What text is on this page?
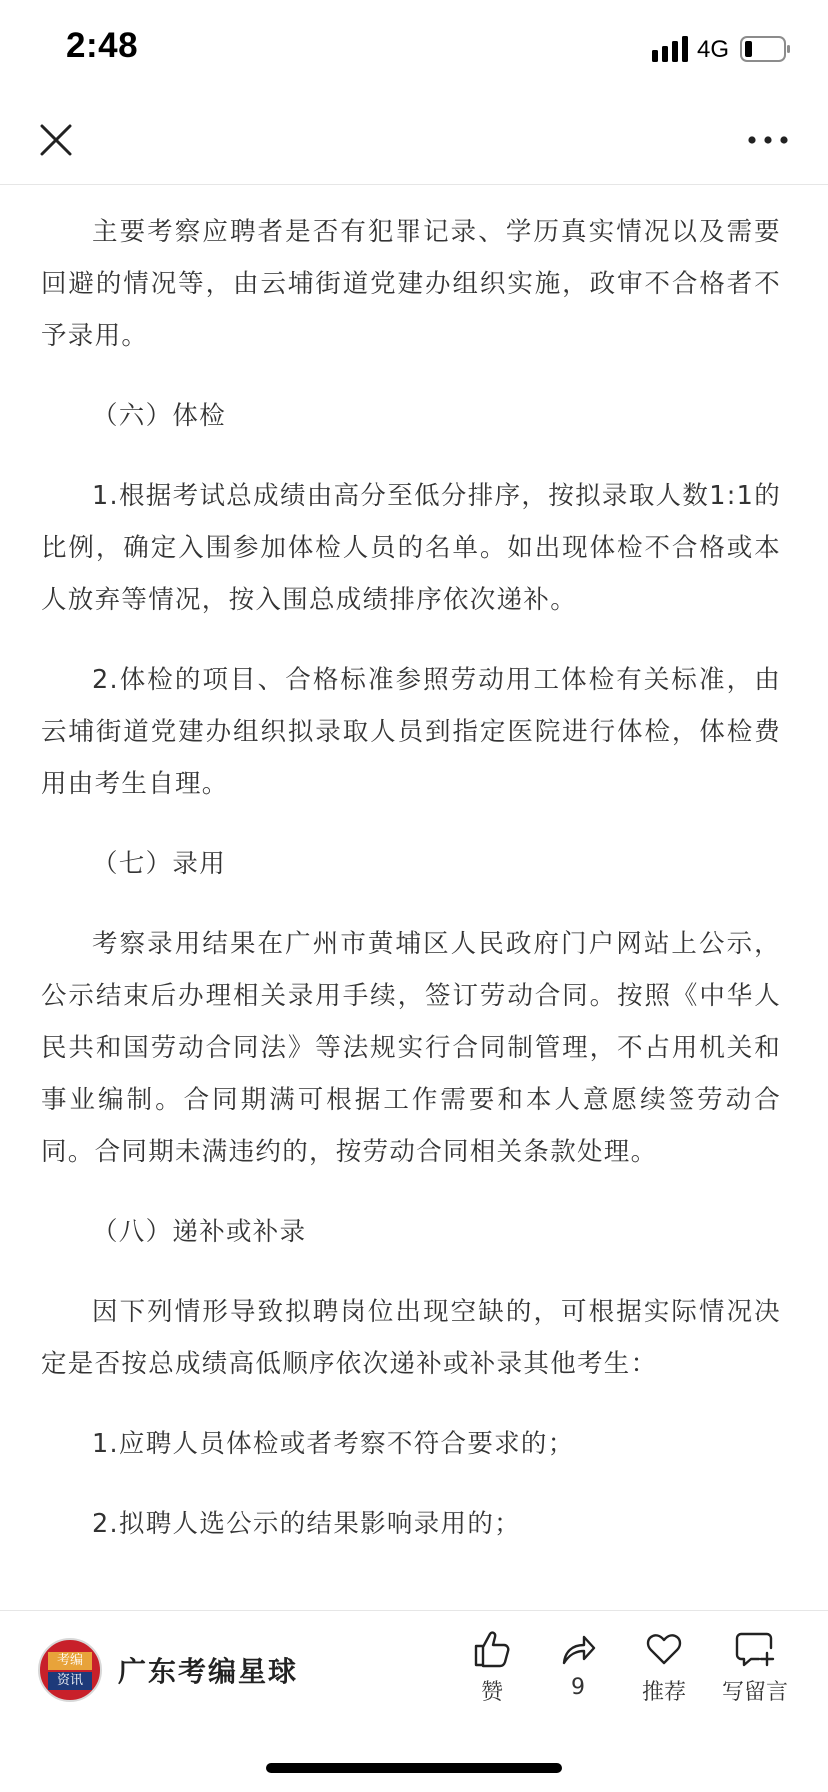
2:48	4G

主要考察应聘者是否有犯罪记录、学历真实情况以及需要回避的情况等，由云埔街道党建办组织实施，政审不合格者不予录用。

（六）体检

1.根据考试总成绩由高分至低分排序，按拟录取人数1:1的比例，确定入围参加体检人员的名单。如出现体检不合格或本人放弃等情况，按入围总成绩排序依次递补。

2.体检的项目、合格标准参照劳动用工体检有关标准，由云埔街道党建办组织拟录取人员到指定医院进行体检，体检费用由考生自理。

（七）录用

考察录用结果在广州市黄埔区人民政府门户网站上公示，公示结束后办理相关录用手续，签订劳动合同。按照《中华人民共和国劳动合同法》等法规实行合同制管理，不占用机关和事业编制。合同期满可根据工作需要和本人意愿续签劳动合同。合同期未满违约的，按劳动合同相关条款处理。

（八）递补或补录

因下列情形导致拟聘岗位出现空缺的，可根据实际情况决定是否按总成绩高低顺序依次递补或补录其他考生：

1.应聘人员体检或者考察不符合要求的；

2.拟聘人选公示的结果影响录用的；

考编
资讯	广东考编星球
赞	9	推荐	写留言
